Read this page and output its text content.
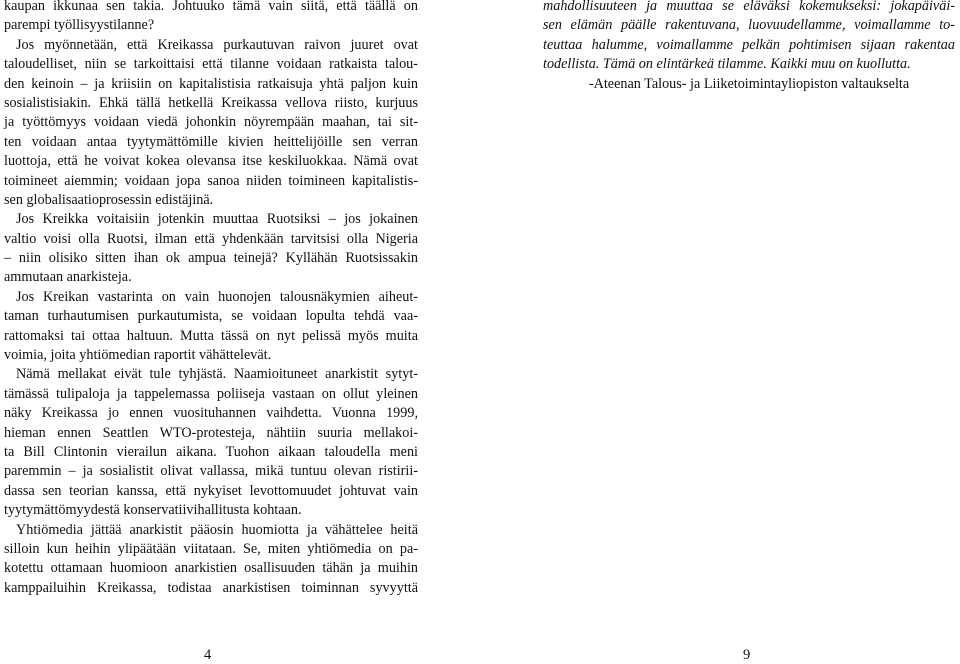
kaupan ikkunaa sen takia. Johtuuko tämä vain siitä, että täällä on
parempi työllisyystilanne?
Jos myönnetään, että Kreikassa purkautuvan raivon juuret ovat
taloudelliset, niin se tarkoittaisi että tilanne voidaan ratkaista talou-
den keinoin – ja kriisiin on kapitalistisia ratkaisuja yhtä paljon kuin
sosialistisiakin. Ehkä tällä hetkellä Kreikassa vellova riisto, kurjuus
ja työttömyys voidaan viedä johonkin nöyrempään maahan, tai sit-
ten voidaan antaa tyytymättömille kivien heittelijöille sen verran
luottoja, että he voivat kokea olevansa itse keskiluokkaa. Nämä ovat
toimineet aiemmin; voidaan jopa sanoa niiden toimineen kapitalistis-
sen globalisaatioprosessin edistäjinä.
Jos Kreikka voitaisiin jotenkin muuttaa Ruotsiksi – jos jokainen
valtio voisi olla Ruotsi, ilman että yhdenkään tarvitsisi olla Nigeria
– niin olisiko sitten ihan ok ampua teinejä? Kyllähän Ruotsissakin
ammutaan anarkisteja.
Jos Kreikan vastarinta on vain huonojen talousnäkymien aiheut-
taman turhautumisen purkautumista, se voidaan lopulta tehdä vaa-
rattomaksi tai ottaa haltuun. Mutta tässä on nyt pelissä myös muita
voimia, joita yhtiömedian raportit vähättelevät.
Nämä mellakat eivät tule tyhjästä. Naamioituneet anarkistit sytyt-
tämässä tulipaloja ja tappelemassa poliiseja vastaan on ollut yleinen
näky Kreikassa jo ennen vuosituhannen vaihdetta. Vuonna 1999,
hieman ennen Seattlen WTO-protesteja, nähtiin suuria mellakoi-
ta Bill Clintonin vierailun aikana. Tuohon aikaan taloudella meni
paremmin – ja sosialistit olivat vallassa, mikä tuntuu olevan ristirii-
dassa sen teorian kanssa, että nykyiset levottomuudet johtuvat vain
tyytymättömyydestä konservatiivihallitusta kohtaan.
Yhtiömedia jättää anarkistit pääosin huomiotta ja vähättelee heitä
silloin kun heihin ylipäätään viitataan. Se, miten yhtiömedia on pa-
kotettu ottamaan huomioon anarkistien osallisuuden tähän ja muihin
kamppailuihin Kreikassa, todistaa anarkistisen toiminnan syvyyttä
mahdollisuuteen ja muuttaa se eläväksi kokemukseksi: jokapäiväi-
sen elämän päälle rakentuvana, luovuudellamme, voimallamme to-
teuttaa halumme, voimallamme pelkän pohtimisen sijaan rakentaa
todellista. Tämä on elintärkeä tilamme. Kaikki muu on kuollutta.
-Ateenan Talous- ja Liiketoimintayliopiston valtaukselta
4	9
